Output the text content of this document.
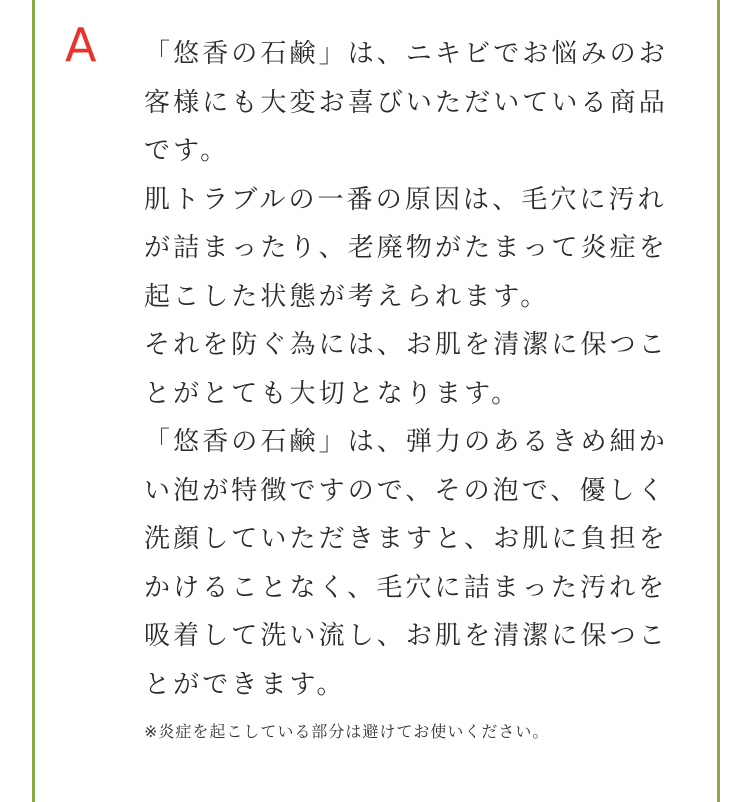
A 「悠香の石鹸」は、ニキビでお悩みのお客様にも大変お喜びいただいている商品です。

肌トラブルの一番の原因は、毛穴に汚れが詰まったり、老廃物がたまって炎症を起こした状態が考えられます。

それを防ぐ為には、お肌を清潔に保つことがとても大切となります。

「悠香の石鹸」は、弾力のあるきめ細かい泡が特徴ですので、その泡で、優しく洗顔していただきますと、お肌に負担をかけることなく、毛穴に詰まった汚れを吸着して洗い流し、お肌を清潔に保つことができます。

※炎症を起こしている部分は避けてお使いください。
